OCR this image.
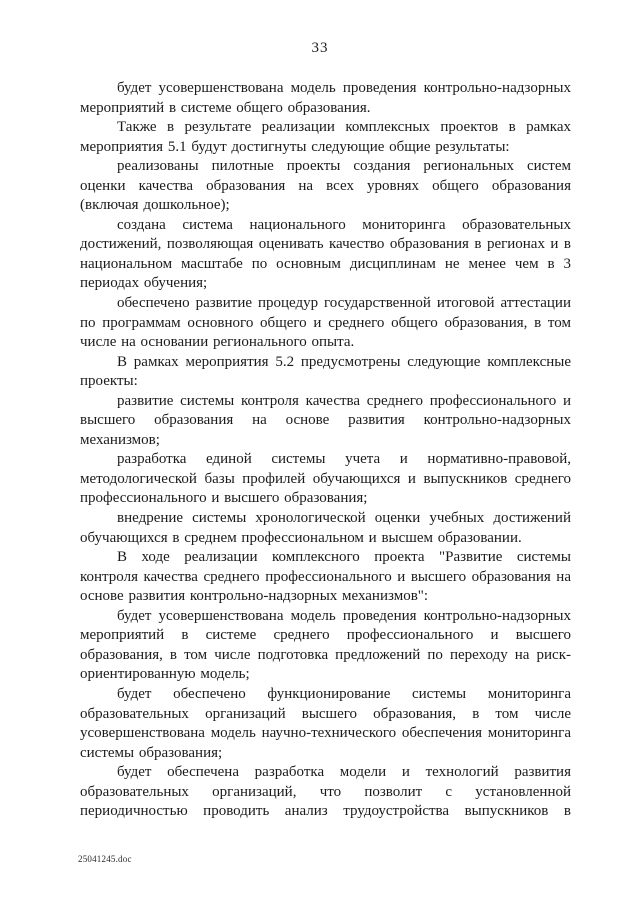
33

будет усовершенствована модель проведения контрольно-надзорных мероприятий в системе общего образования.

Также в результате реализации комплексных проектов в рамках мероприятия 5.1 будут достигнуты следующие общие результаты:

реализованы пилотные проекты создания региональных систем оценки качества образования на всех уровнях общего образования (включая дошкольное);

создана система национального мониторинга образовательных достижений, позволяющая оценивать качество образования в регионах и в национальном масштабе по основным дисциплинам не менее чем в 3 периодах обучения;

обеспечено развитие процедур государственной итоговой аттестации по программам основного общего и среднего общего образования, в том числе на основании регионального опыта.

В рамках мероприятия 5.2 предусмотрены следующие комплексные проекты:

развитие системы контроля качества среднего профессионального и высшего образования на основе развития контрольно-надзорных механизмов;

разработка единой системы учета и нормативно-правовой, методологической базы профилей обучающихся и выпускников среднего профессионального и высшего образования;

внедрение системы хронологической оценки учебных достижений обучающихся в среднем профессиональном и высшем образовании.

В ходе реализации комплексного проекта "Развитие системы контроля качества среднего профессионального и высшего образования на основе развития контрольно-надзорных механизмов":

будет усовершенствована модель проведения контрольно-надзорных мероприятий в системе среднего профессионального и высшего образования, в том числе подготовка предложений по переходу на риск-ориентированную модель;

будет обеспечено функционирование системы мониторинга образовательных организаций высшего образования, в том числе усовершенствована модель научно-технического обеспечения мониторинга системы образования;

будет обеспечена разработка модели и технологий развития образовательных организаций, что позволит с установленной периодичностью проводить анализ трудоустройства выпускников в

25041245.doc
